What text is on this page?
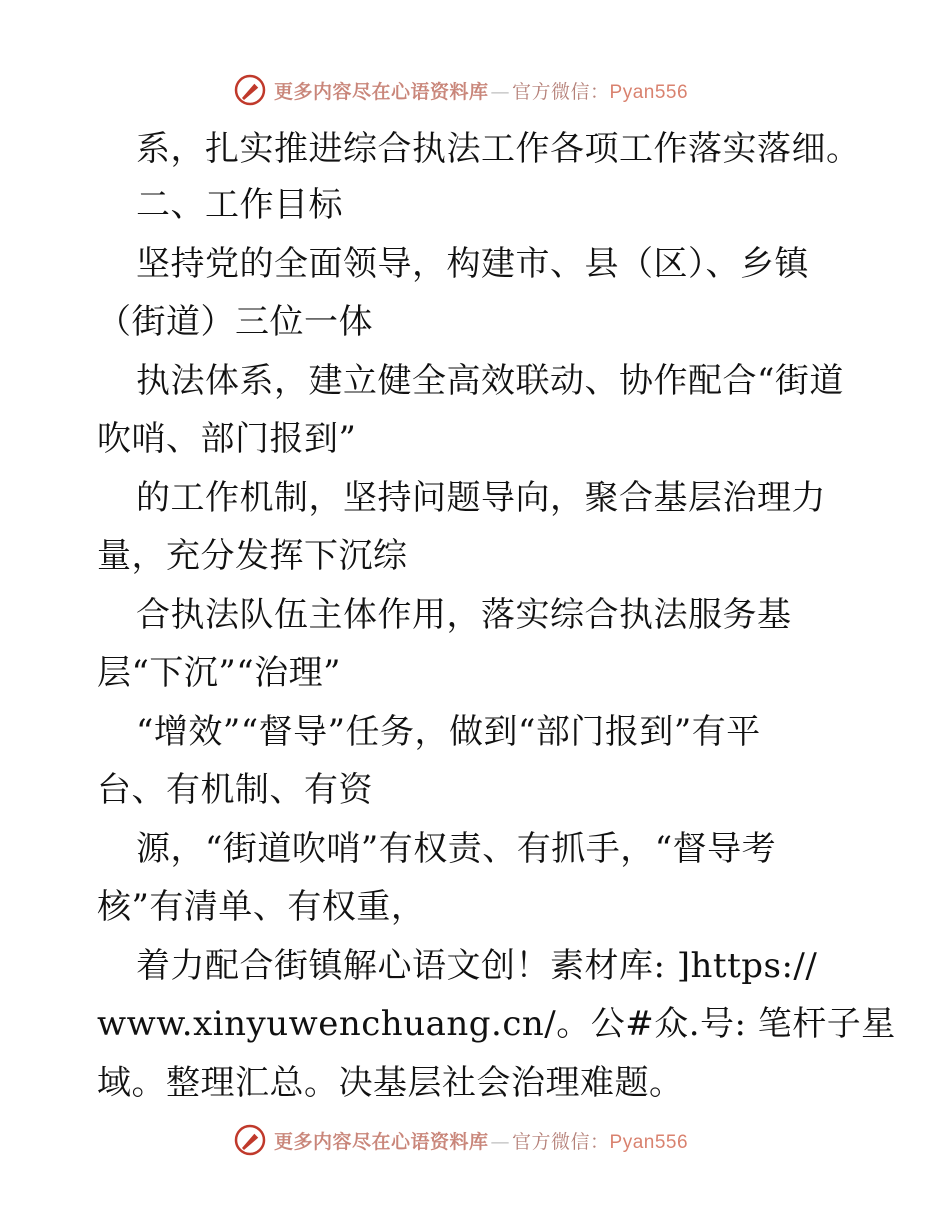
更多内容尽在心语资料库 — 官方微信：Pyan556
系，扎实推进综合执法工作各项工作落实落细。
二、工作目标
坚持党的全面领导，构建市、县（区）、乡镇
（街道）三位一体
执法体系，建立健全高效联动、协作配合“街道
吹哨、部门报到”
的工作机制，坚持问题导向，聚合基层治理力
量，充分发挥下沉综
合执法队伍主体作用，落实综合执法服务基
层“下沉”“治理”
“增效”“督导”任务，做到“部门报到”有平
台、有机制、有资
源，“街道吹哨”有权责、有抓手，“督导考
核”有清单、有权重，
着力配合街镇解心语文创！素材库: ]https://
www.xinyuwenchuang.cn/。公#众.号: 笔杆子星
域。整理汇总。决基层社会治理难题。
更多内容尽在心语资料库 — 官方微信：Pyan556
